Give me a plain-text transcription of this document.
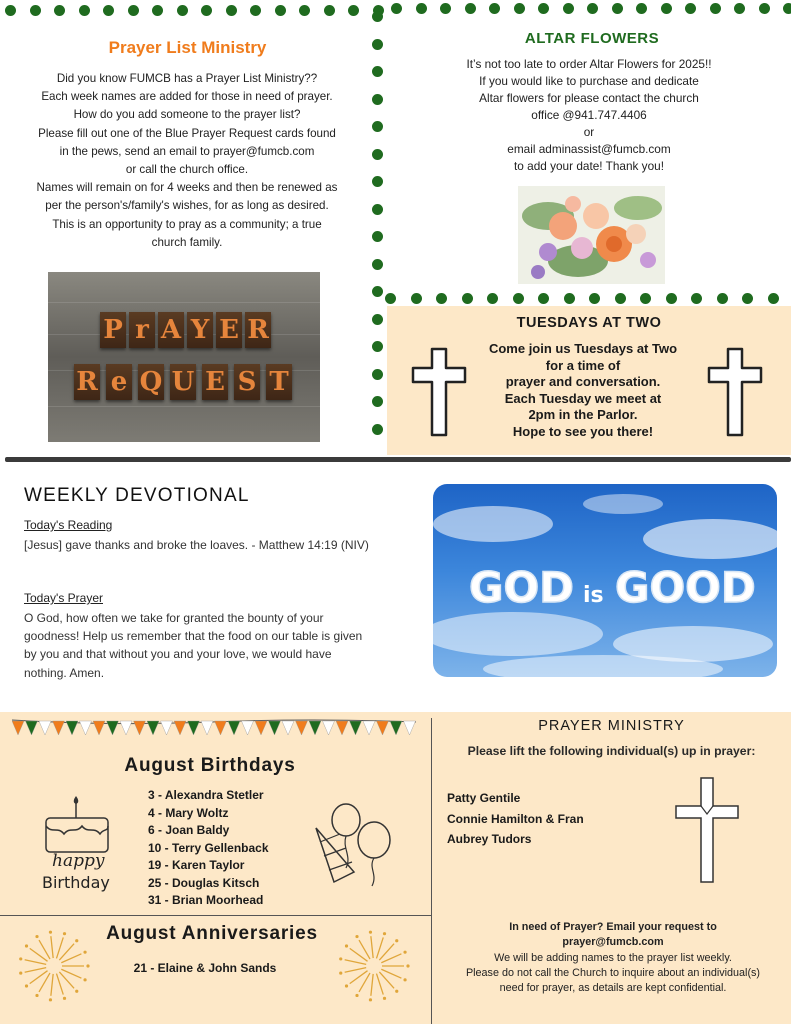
Prayer List Ministry
Did you know FUMCB has a Prayer List Ministry??
Each week names are added for those in need of prayer.
How do you add someone to the prayer list?
Please fill out one of the Blue Prayer Request cards found
in the pews, send an email to prayer@fumcb.com
or call the church office.
Names will remain on for 4 weeks and then be renewed as
per the person's/family's wishes, for as long as desired.
This is an opportunity to pray as a community; a true
church family.
P r A Y E R
R e Q U E S T
ALTAR FLOWERS
It’s not too late to order Altar Flowers for 2025!!
If you would like to purchase and dedicate
Altar flowers for please contact the church
office @941.747.4406
or
email adminassist@fumcb.com
to add your date! Thank you!
TUESDAYS AT TWO
Come join us Tuesdays at Two
for a time of
prayer and conversation.
Each Tuesday we meet at
2pm in the Parlor.
Hope to see you there!
WEEKLY DEVOTIONAL
Today's Reading
[Jesus] gave thanks and broke the loaves. - Matthew 14:19 (NIV)
Today's Prayer
O God, how often we take for granted the bounty of your goodness! Help us remember that the food on our table is given by you and that without you and your love, we would have nothing. Amen.
GOD is GOOD
August Birthdays
3 - Alexandra Stetler
4 - Mary Woltz
6 - Joan Baldy
10 - Terry Gellenback
19 - Karen Taylor
25 - Douglas Kitsch
31 - Brian Moorhead
happy
Birthday
August Anniversaries
21 - Elaine & John Sands
PRAYER MINISTRY
Please lift the following individual(s) up in prayer:
Patty Gentile
Connie Hamilton & Fran
Aubrey Tudors
In need of Prayer? Email your request to
prayer@fumcb.com
We will be adding names to the prayer list weekly.
Please do not call the Church to inquire about an individual(s)
need for prayer, as details are kept confidential.
